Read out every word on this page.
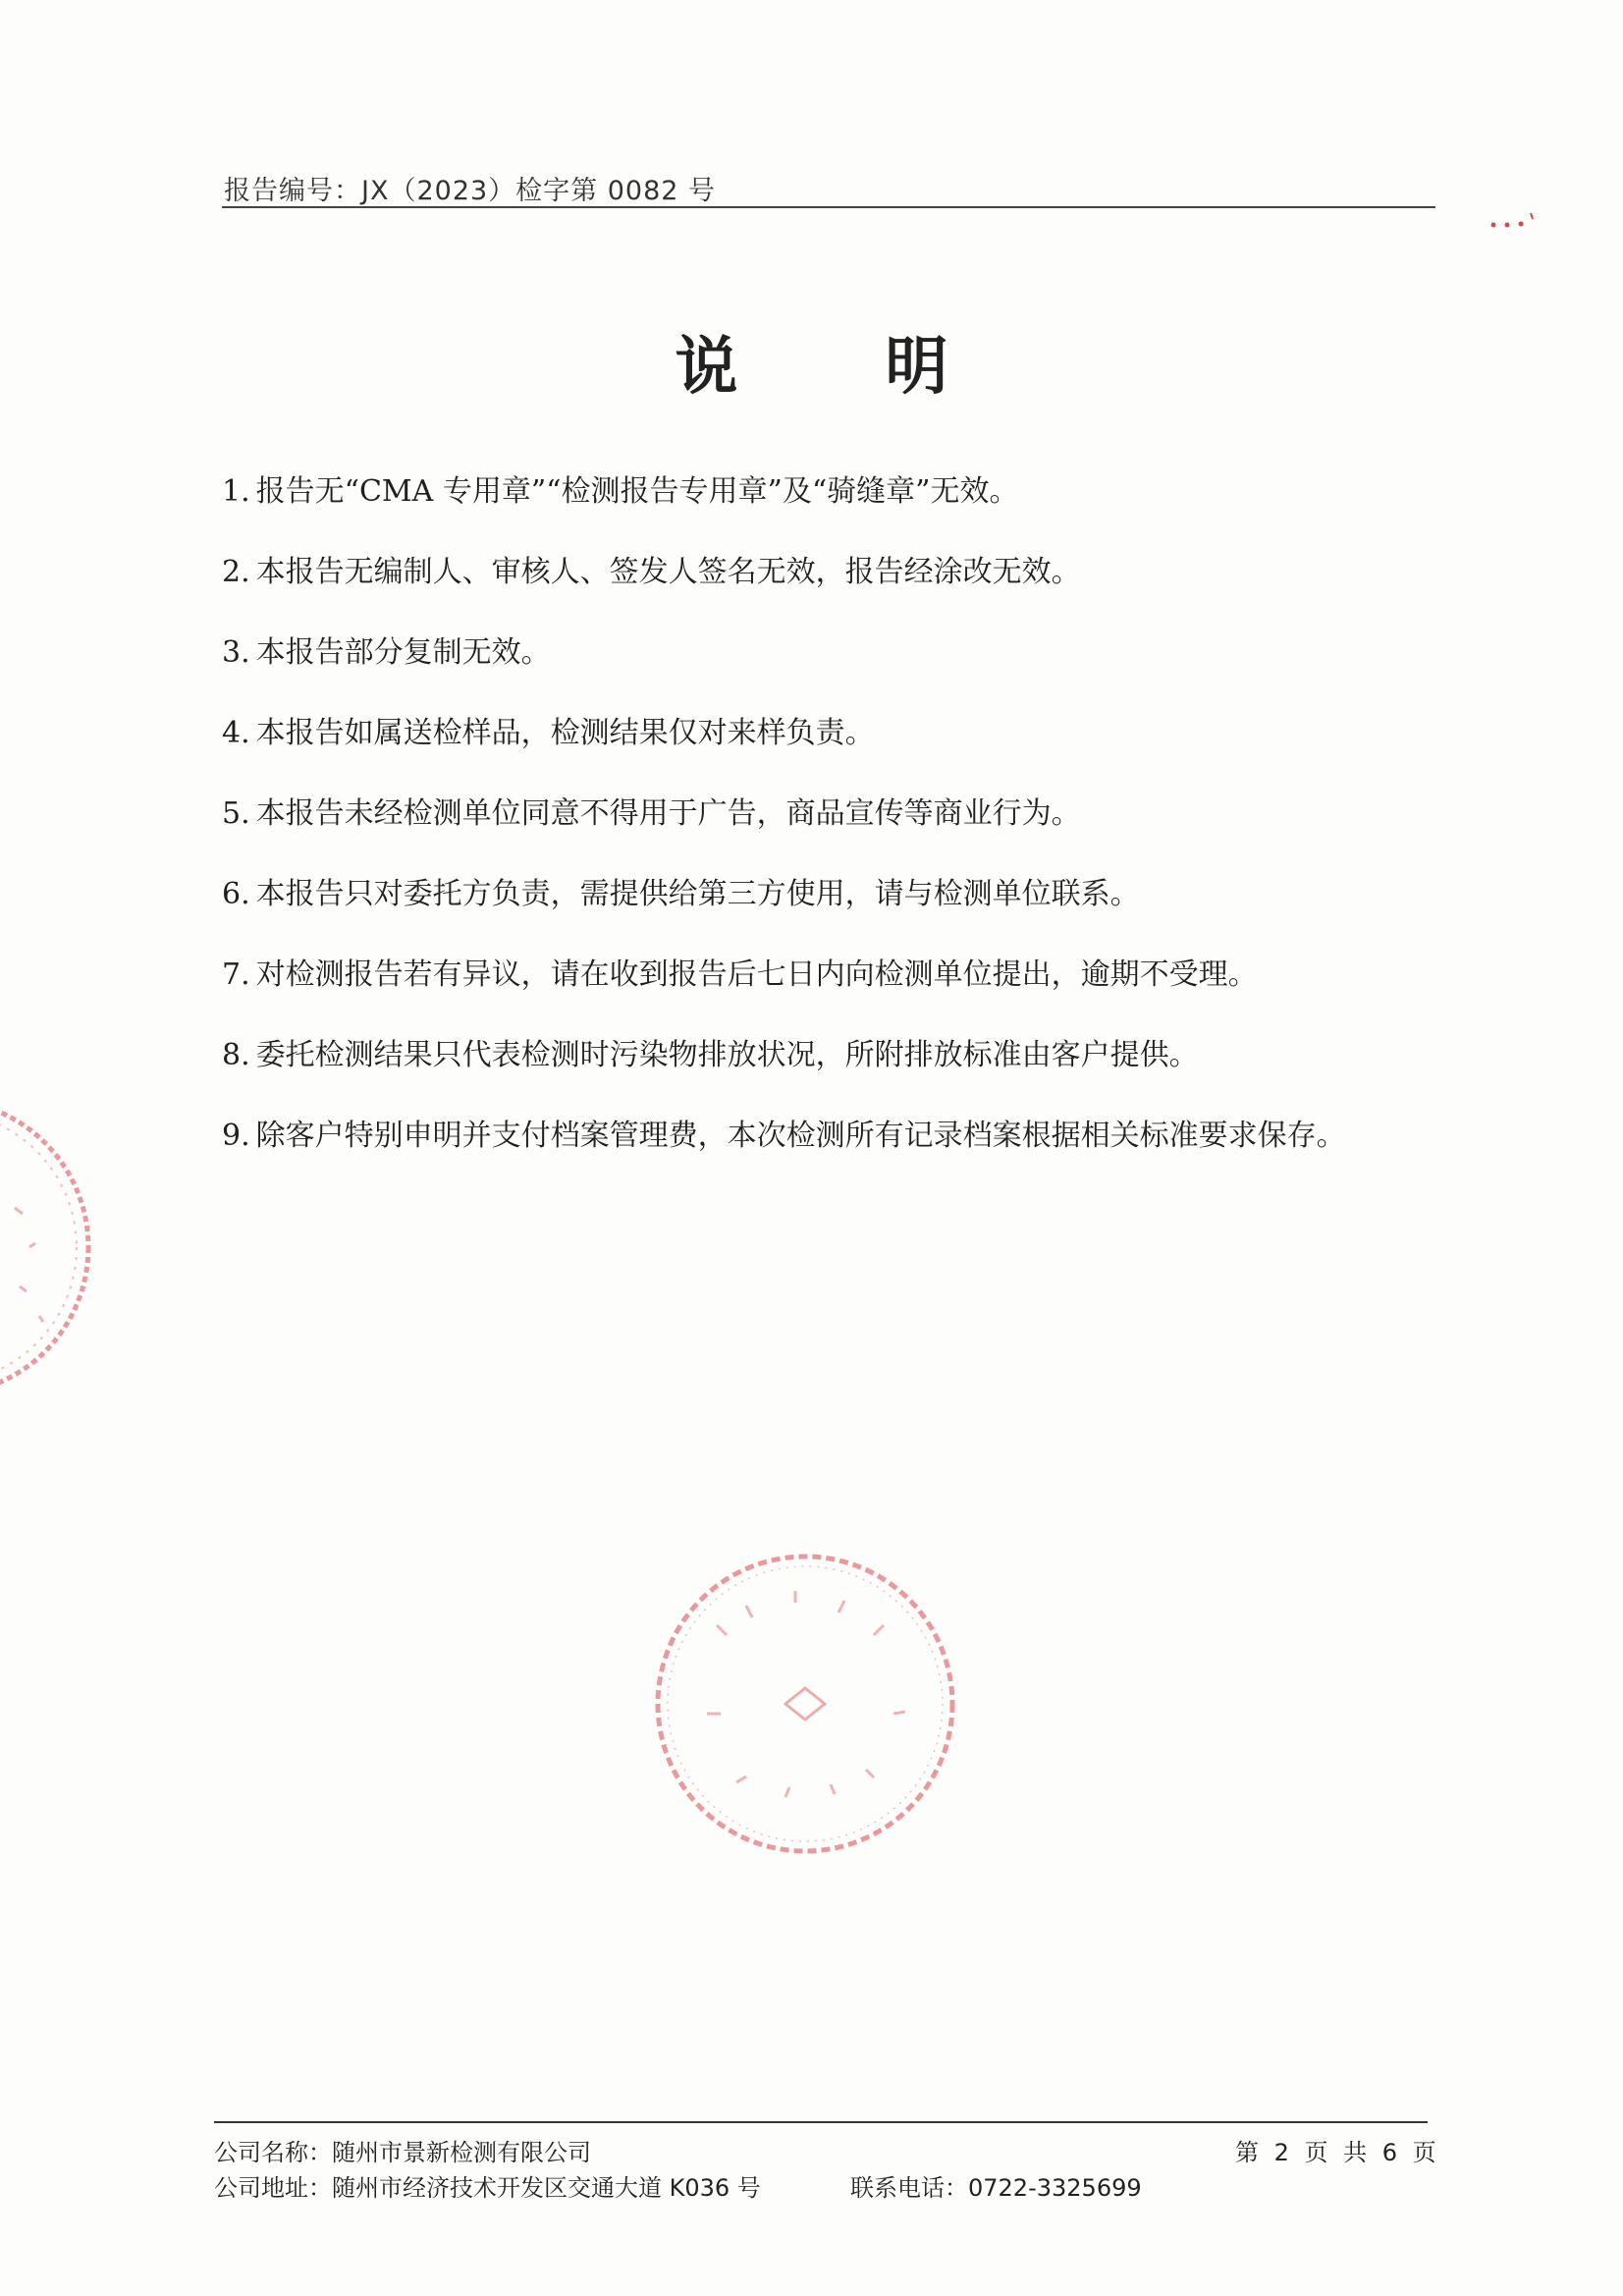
报告编号：JX（2023）检字第 0082 号
说明
1. 报告无“CMA 专用章”“检测报告专用章”及“骑缝章”无效。
2. 本报告无编制人、审核人、签发人签名无效，报告经涂改无效。
3. 本报告部分复制无效。
4. 本报告如属送检样品，检测结果仅对来样负责。
5. 本报告未经检测单位同意不得用于广告，商品宣传等商业行为。
6. 本报告只对委托方负责，需提供给第三方使用，请与检测单位联系。
7. 对检测报告若有异议，请在收到报告后七日内向检测单位提出，逾期不受理。
8. 委托检测结果只代表检测时污染物排放状况，所附排放标准由客户提供。
9. 除客户特别申明并支付档案管理费，本次检测所有记录档案根据相关标准要求保存。
公司名称：随州市景新检测有限公司
公司地址：随州市经济技术开发区交通大道 K036 号	联系电话：0722-3325699
第 2 页 共 6 页
